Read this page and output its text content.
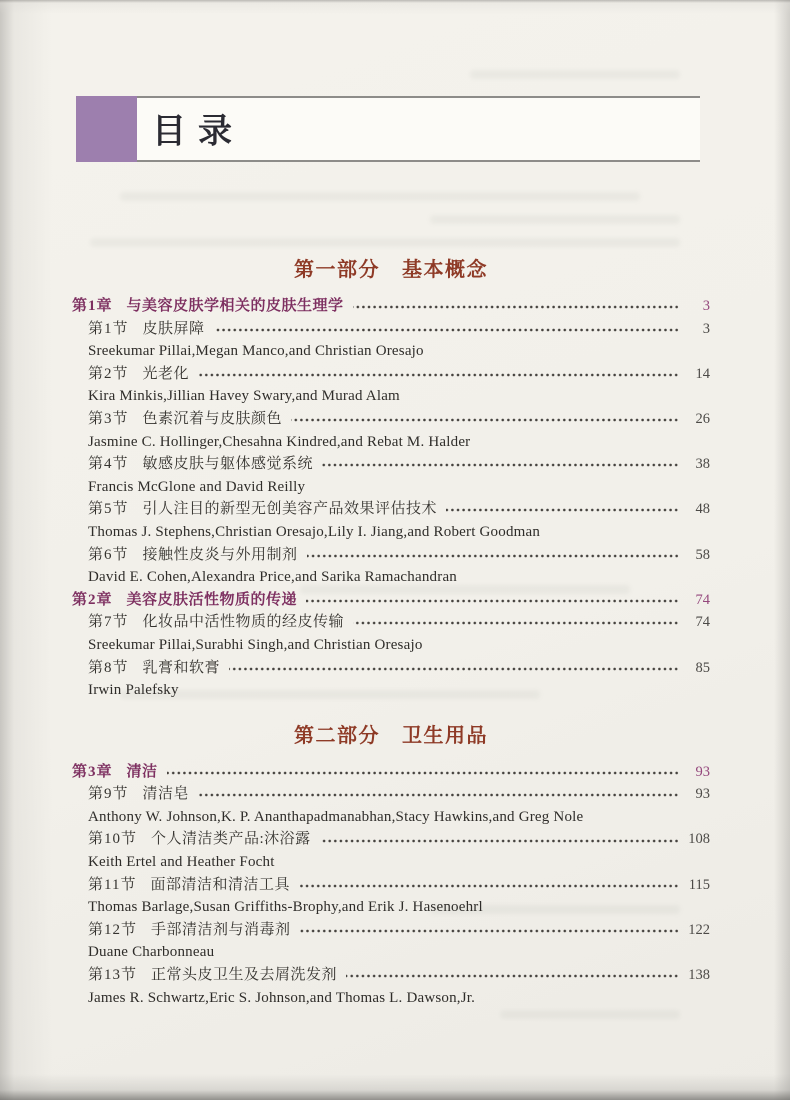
目录
第一部分 基本概念
第1章 与美容皮肤学相关的皮肤生理学	3
第1节 皮肤屏障	3
Sreekumar Pillai,Megan Manco,and Christian Oresajo
第2节 光老化	14
Kira Minkis,Jillian Havey Swary,and Murad Alam
第3节 色素沉着与皮肤颜色	26
Jasmine C. Hollinger,Chesahna Kindred,and Rebat M. Halder
第4节 敏感皮肤与躯体感觉系统	38
Francis McGlone and David Reilly
第5节 引人注目的新型无创美容产品效果评估技术	48
Thomas J. Stephens,Christian Oresajo,Lily I. Jiang,and Robert Goodman
第6节 接触性皮炎与外用制剂	58
David E. Cohen,Alexandra Price,and Sarika Ramachandran
第2章 美容皮肤活性物质的传递	74
第7节 化妆品中活性物质的经皮传输	74
Sreekumar Pillai,Surabhi Singh,and Christian Oresajo
第8节 乳膏和软膏	85
Irwin Palefsky
第二部分 卫生用品
第3章 清洁	93
第9节 清洁皂	93
Anthony W. Johnson,K. P. Ananthapadmanabhan,Stacy Hawkins,and Greg Nole
第10节 个人清洁类产品:沐浴露	108
Keith Ertel and Heather Focht
第11节 面部清洁和清洁工具	115
Thomas Barlage,Susan Griffiths-Brophy,and Erik J. Hasenoehrl
第12节 手部清洁剂与消毒剂	122
Duane Charbonneau
第13节 正常头皮卫生及去屑洗发剂	138
James R. Schwartz,Eric S. Johnson,and Thomas L. Dawson,Jr.
